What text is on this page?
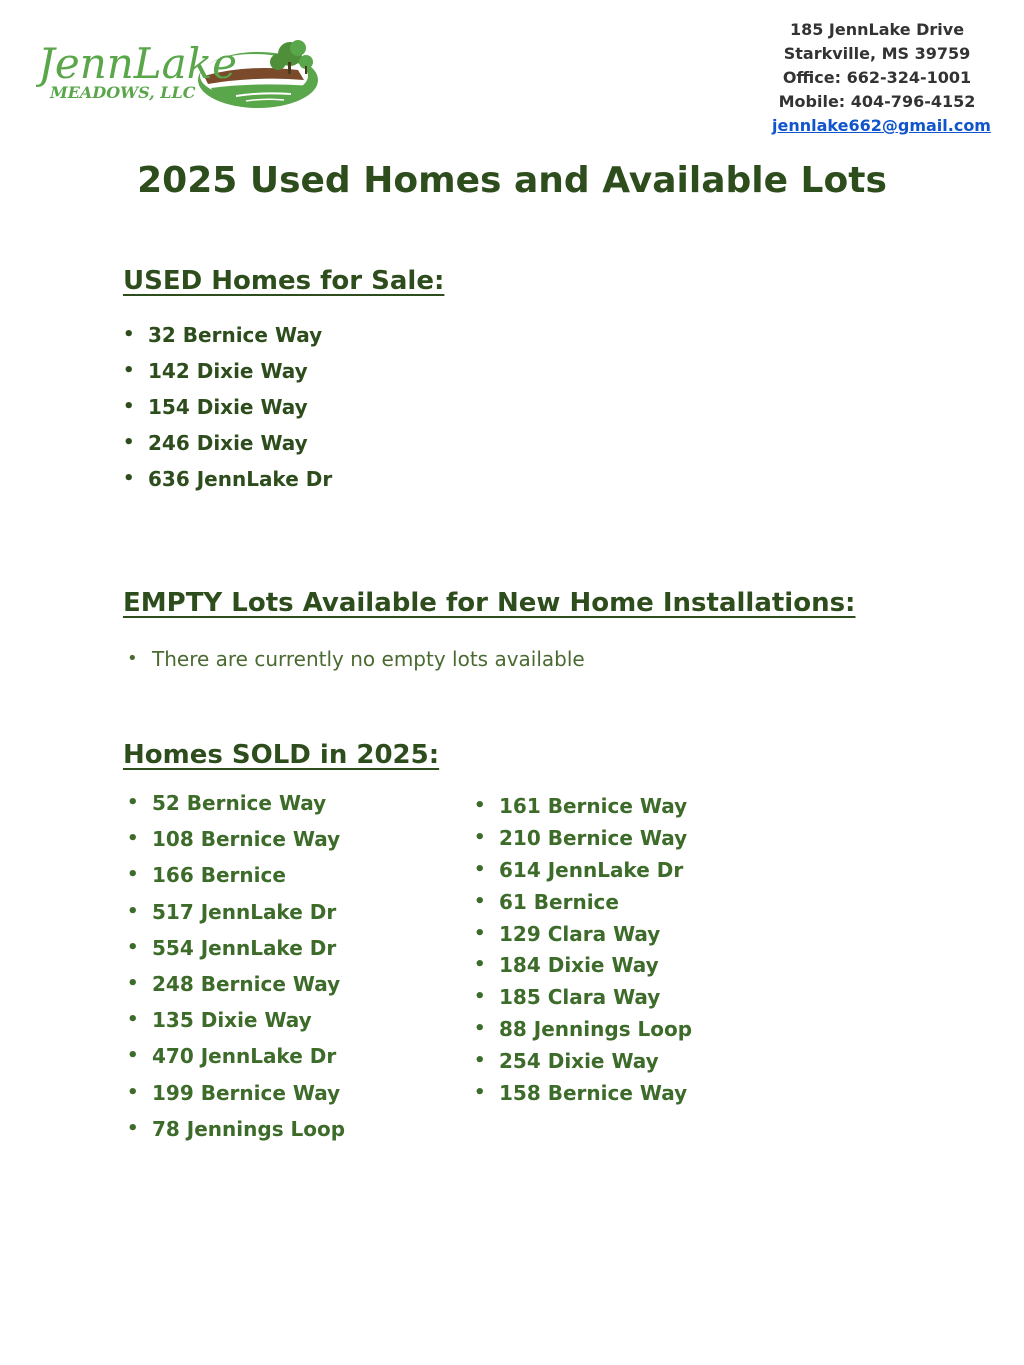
JennLake
MEADOWS, LLC
185 JennLake Drive
Starkville, MS 39759
Office: 662-324-1001
Mobile: 404-796-4152
jennlake662@gmail.com
2025 Used Homes and Available Lots
USED Homes for Sale:
• 32 Bernice Way
• 142 Dixie Way
• 154 Dixie Way
• 246 Dixie Way
• 636 JennLake Dr
EMPTY Lots Available for New Home Installations:
• There are currently no empty lots available
Homes SOLD in 2025:
• 52 Bernice Way
• 108 Bernice Way
• 166 Bernice
• 517 JennLake Dr
• 554 JennLake Dr
• 248 Bernice Way
• 135 Dixie Way
• 470 JennLake Dr
• 199 Bernice Way
• 78 Jennings Loop
• 161 Bernice Way
• 210 Bernice Way
• 614 JennLake Dr
• 61 Bernice
• 129 Clara Way
• 184 Dixie Way
• 185 Clara Way
• 88 Jennings Loop
• 254 Dixie Way
• 158 Bernice Way
